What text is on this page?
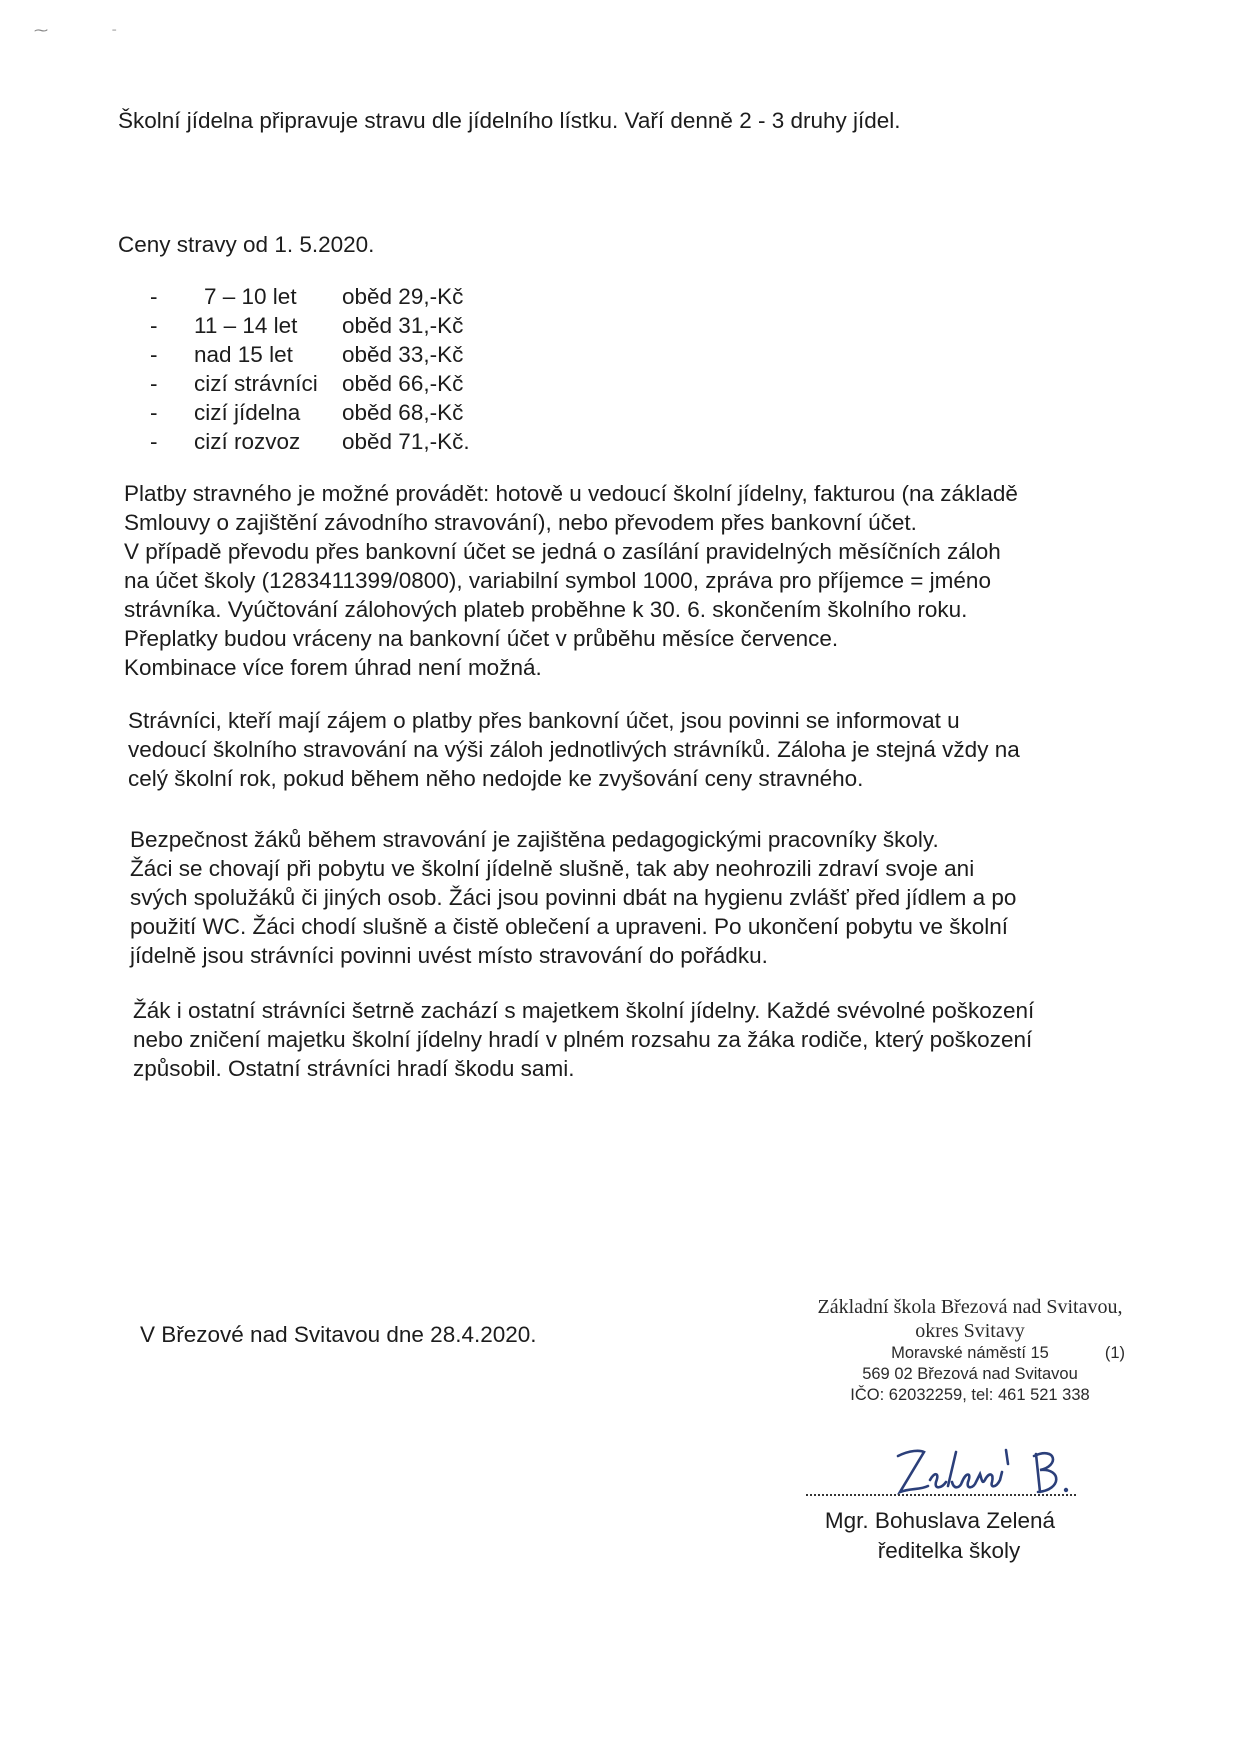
⁓	ˉ
Školní jídelna připravuje stravu dle jídelního lístku. Vaří denně 2 - 3 druhy jídel.
Ceny stravy od 1. 5.2020.
-	7 – 10 let	oběd 29,-Kč
-	11 – 14 let	oběd 31,-Kč
-	nad 15 let	oběd 33,-Kč
-	cizí strávníci	oběd 66,-Kč
-	cizí jídelna	oběd 68,-Kč
-	cizí rozvoz	oběd 71,-Kč.
Platby stravného je možné provádět: hotově u vedoucí školní jídelny, fakturou (na základě
Smlouvy o zajištění závodního stravování), nebo převodem přes bankovní účet.
V případě převodu přes bankovní účet se jedná o zasílání pravidelných měsíčních záloh
na účet školy (1283411399/0800), variabilní symbol 1000, zpráva pro příjemce = jméno
strávníka. Vyúčtování zálohových plateb proběhne k 30. 6. skončením školního roku.
Přeplatky budou vráceny na bankovní účet v průběhu měsíce července.
Kombinace více forem úhrad není možná.
Strávníci, kteří mají zájem o platby přes bankovní účet, jsou povinni se informovat u
vedoucí školního stravování na výši záloh jednotlivých strávníků. Záloha je stejná vždy na
celý školní rok, pokud během něho nedojde ke zvyšování ceny stravného.
Bezpečnost žáků během stravování je zajištěna pedagogickými pracovníky školy.
Žáci se chovají při pobytu ve školní jídelně slušně, tak aby neohrozili zdraví svoje ani
svých spolužáků či jiných osob. Žáci jsou povinni dbát na hygienu zvlášť před jídlem a po
použití WC. Žáci chodí slušně a čistě oblečení a upraveni. Po ukončení pobytu ve školní
jídelně jsou strávníci povinni uvést místo stravování do pořádku.
Žák i ostatní strávníci šetrně zachází s majetkem školní jídelny. Každé svévolné poškození
nebo zničení majetku školní jídelny hradí v plném rozsahu za žáka rodiče, který poškození
způsobil. Ostatní strávníci hradí škodu sami.
V Březové nad Svitavou dne 28.4.2020.
Základní škola Březová nad Svitavou,
okres Svitavy
Moravské náměstí 15	(1)
569 02 Březová nad Svitavou
IČO: 62032259, tel: 461 521 338
Mgr. Bohuslava Zelená
ředitelka školy
